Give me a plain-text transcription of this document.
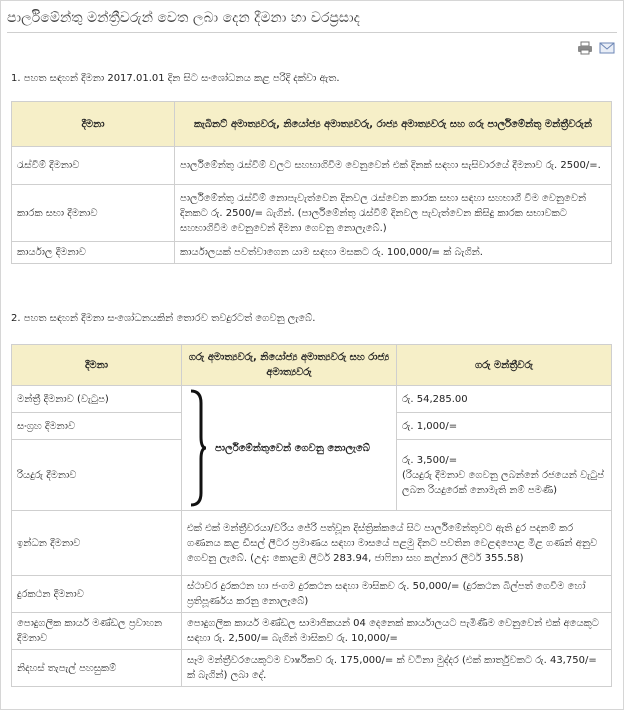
පාර්ලිමේන්තු මන්ත්‍රීවරුන් වෙත ලබා දෙන දීමනා හා වරප්‍රසාද
1. පහත සඳහන් දීමනා 2017.01.01 දින සිට සංශෝධනය කළ පරිදි දක්වා ඇත.
දීමනා	කැබිනට් අමාත්‍යවරු, නියෝජ්‍ය අමාත්‍යවරු, රාජ්‍ය අමාත්‍යවරු සහ ගරු පාර්ලිමේන්තු මන්ත්‍රීවරුන්
රැස්වීම් දීමනාව	පාර්ලිමේන්තු රැස්වීම් වලට සහභාගිවීම වෙනුවෙන් එක් දිනක් සඳහා සැසිවාරයේ දීමනාව රු. 2500/=.
කාරක සභා දීමනාව	පාර්ලිමේන්තු රැස්වීම් නොපැවැත්වෙන දිනවල රැස්වෙන කාරක සභා සඳහා සහභාගී වීම වෙනුවෙන් දිනකට රු. 2500/= බැගින්. (පාර්ලිමේන්තු රැස්වීම් දිනවල පැවැත්වෙන කිසිදු කාරක සභාවකට සහභාගිවීම වෙනුවෙන් දීමනා ගෙවනු නොලැබේ.)
කාර්යාල දීමනාව	කාර්යාලයක් පවත්වාගෙන යාම සඳහා මසකට රු. 100,000/= ක් බැගින්.
2. පහත සඳහන් දීමනා සංශෝධනයකින් තොරව තවදුරටත් ගෙවනු ලැබේ.
දීමනා	ගරු අමාත්‍යවරු, නියෝජ්‍ය අමාත්‍යවරු සහ රාජ්‍ය අමාත්‍යවරු	ගරු මන්ත්‍රීවරු
මන්ත්‍රී දීමනාව (වැටුප)	පාර්ලිමේන්තුවෙන් ගෙවනු නොලැබේ	රු. 54,285.00
සංග්‍රහ දීමනාව		රු. 1,000/=
රියදුරු දීමනාව		රු. 3,500/=
(රියදුරු දීමනාව ගෙවනු ලබන්නේ රජයෙන් වැටුප් ලබන රියදුරෙක් නොමැති නම් පමණි)
ඉන්ධන දීමනාව	එක් එක් මන්ත්‍රීවරයා/වරිය ජේරි පත්වූන දිස්ත්‍රික්කයේ සිට පාර්ලිමේන්තුවට ඇති දුර පදනම් කර ගණනය කළ ඩීසල් ලීටර ප්‍රමාණය සඳහා මාසයේ පළමු දිනට පවතින වෙළඳපොළ මිළ ගණන් අනුව ගෙවනු ලැබේ. (උදා: කොළඹ ලීටර් 283.94, ජාෆිනා සහ කල්නාර ලීටර් 355.58)	
දුරකථන දීමනාව	ස්ථාවර දුරකථන හා ජංගම දුරකථන සඳහා මාසිකව රු. 50,000/= (දුරකථන බිල්පත් ගෙවීම හෝ ප්‍රතිපූර්ණය කරනු නොලැබේ)	
පොදුගලික කාර්ය මණ්ඩල ප්‍රවාහන දීමනාව	පොදුගලික කාර්ය මණ්ඩල සාමාජිකයන් 04 දෙනෙක් කාර්යාලයට පැමිණීම වෙනුවෙන් එක් අයෙකුට සඳහා රු. 2,500/= බැගින් මාසිකව රු. 10,000/=	
නිදහස් තැපැල් පහසුකම්	සෑම මන්ත්‍රීවරයෙකුටම වාර්ෂිකව රු. 175,000/= ක් වටිනා මුද්දර (එක් කාර්තුවකට රු. 43,750/= ක් බැගින්) ලබා දේ.	
